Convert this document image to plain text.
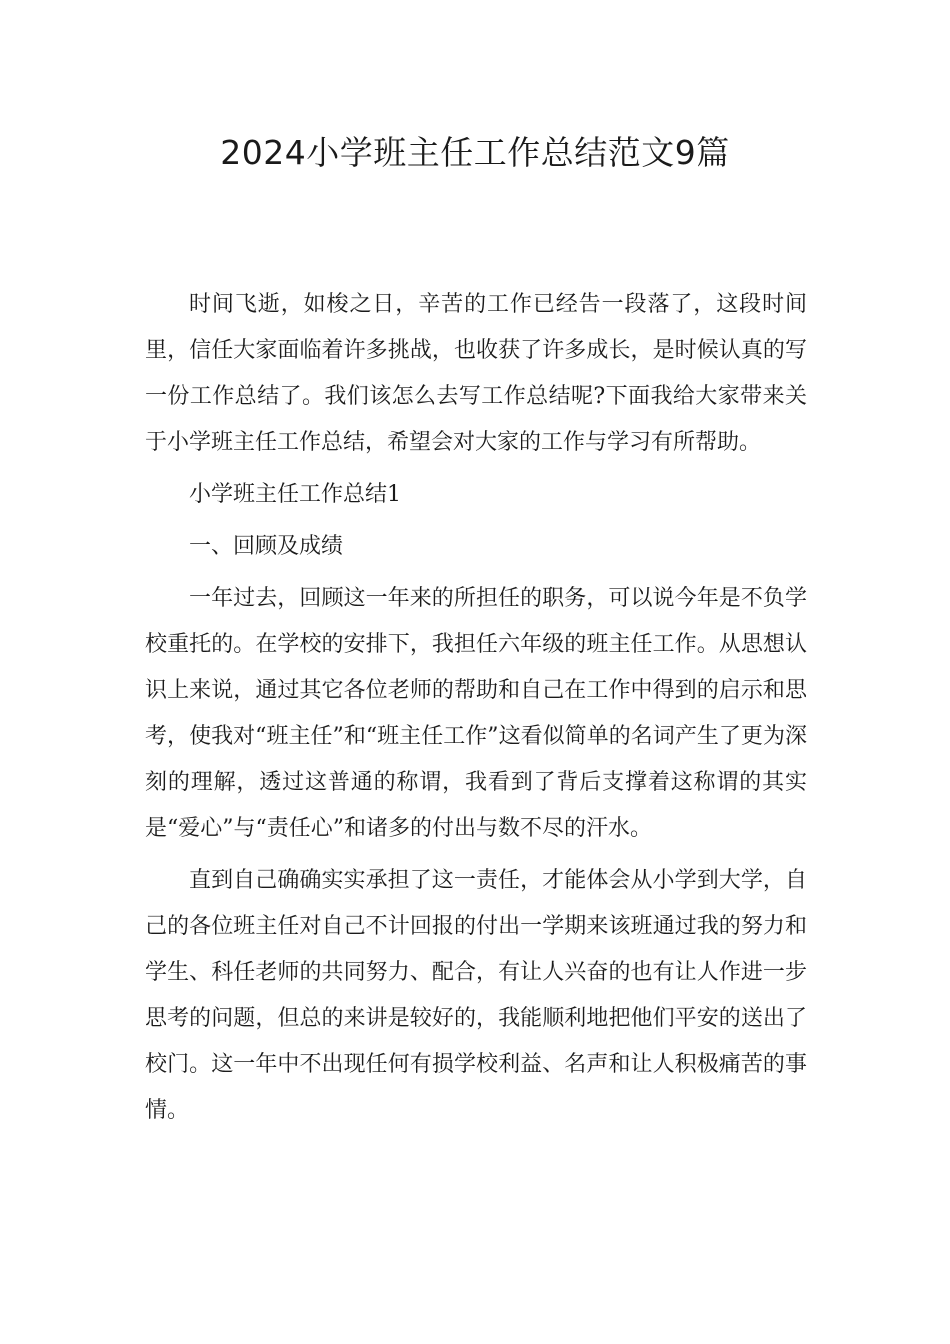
2024小学班主任工作总结范文9篇

时间飞逝，如梭之日，辛苦的工作已经告一段落了，这段时间里，信任大家面临着许多挑战，也收获了许多成长，是时候认真的写一份工作总结了。我们该怎么去写工作总结呢?下面我给大家带来关于小学班主任工作总结，希望会对大家的工作与学习有所帮助。

小学班主任工作总结1

一、回顾及成绩

一年过去，回顾这一年来的所担任的职务，可以说今年是不负学校重托的。在学校的安排下，我担任六年级的班主任工作。从思想认识上来说，通过其它各位老师的帮助和自己在工作中得到的启示和思考，使我对“班主任”和“班主任工作”这看似简单的名词产生了更为深刻的理解，透过这普通的称谓，我看到了背后支撑着这称谓的其实是“爱心”与“责任心”和诸多的付出与数不尽的汗水。

直到自己确确实实承担了这一责任，才能体会从小学到大学，自己的各位班主任对自己不计回报的付出一学期来该班通过我的努力和学生、科任老师的共同努力、配合，有让人兴奋的也有让人作进一步思考的问题，但总的来讲是较好的，我能顺利地把他们平安的送出了校门。这一年中不出现任何有损学校利益、名声和让人积极痛苦的事情。
